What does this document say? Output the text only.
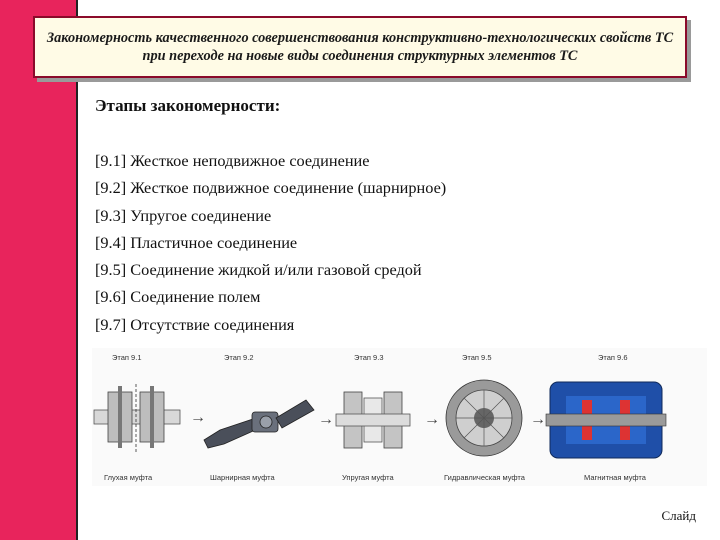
Закономерность качественного совершенствования конструктивно-технологических свойств ТС при переходе на новые виды соединения структурных элементов ТС
Этапы закономерности:
[9.1] Жесткое неподвижное соединение
[9.2] Жесткое подвижное соединение (шарнирное)
[9.3] Упругое соединение
[9.4] Пластичное соединение
[9.5] Соединение жидкой и/или газовой средой
[9.6] Соединение полем
[9.7] Отсутствие соединения
Этап 9.1
Глухая муфта
→
Этап 9.2
Шарнирная муфта
→
Этап 9.3
Упругая муфта
→
Этап 9.5
Гидравлическая муфта
→
Этап 9.6
Магнитная муфта
Слайд
